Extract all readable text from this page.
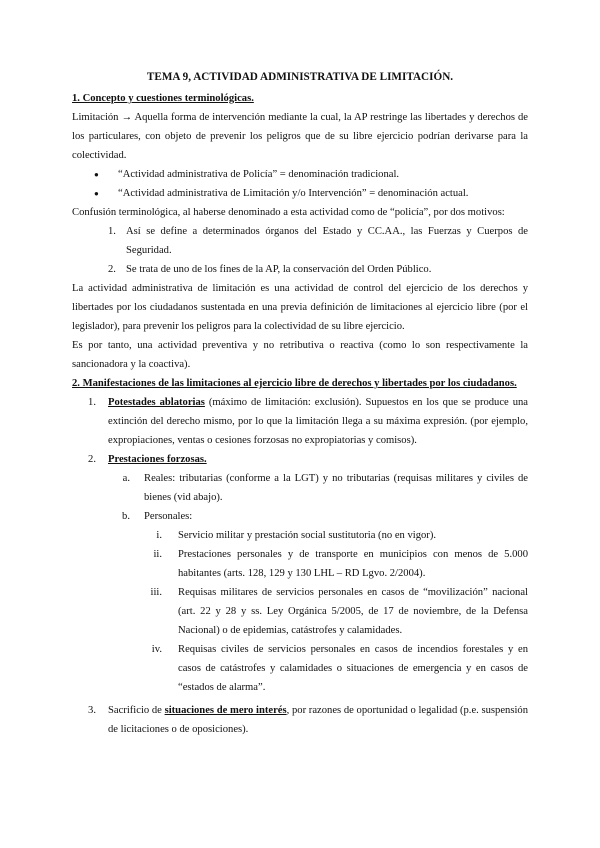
TEMA 9, ACTIVIDAD ADMINISTRATIVA DE LIMITACIÓN.
1. Concepto y cuestiones terminológicas.

Limitación → Aquella forma de intervención mediante la cual, la AP restringe las libertades y derechos de los particulares, con objeto de prevenir los peligros que de su libre ejercicio podrían derivarse para la colectividad.

● “Actividad administrativa de Policía” = denominación tradicional.
● “Actividad administrativa de Limitación y/o Intervención” = denominación actual.

Confusión terminológica, al haberse denominado a esta actividad como de “policía”, por dos motivos:

1. Así se define a determinados órganos del Estado y CC.AA., las Fuerzas y Cuerpos de Seguridad.
2. Se trata de uno de los fines de la AP, la conservación del Orden Público.

La actividad administrativa de limitación es una actividad de control del ejercicio de los derechos y libertades por los ciudadanos sustentada en una previa definición de limitaciones al ejercicio libre (por el legislador), para prevenir los peligros para la colectividad de su libre ejercicio.

Es por tanto, una actividad preventiva y no retributiva o reactiva (como lo son respectivamente la sancionadora y la coactiva).

2. Manifestaciones de las limitaciones al ejercicio libre de derechos y libertades por los ciudadanos.
1.	Potestades ablatorias (máximo de limitación: exclusión). Supuestos en los que se produce una extinción del derecho mismo, por lo que la limitación llega a su máxima expresión. (por ejemplo, expropiaciones, ventas o cesiones forzosas no expropiatorias y comisos).
2.	Prestaciones forzosas.
a.	Reales: tributarias (conforme a la LGT) y no tributarias (requisas militares y civiles de bienes (vid abajo).
b.	Personales:
i.	Servicio militar y prestación social sustitutoria (no en vigor).
ii.	Prestaciones personales y de transporte en municipios con menos de 5.000 habitantes (arts. 128, 129 y 130 LHL – RD Lgvo. 2/2004).
iii.	Requisas militares de servicios personales en casos de “movilización” nacional (art. 22 y 28 y ss. Ley Orgánica 5/2005, de 17 de noviembre, de la Defensa Nacional) o de epidemias, catástrofes y calamidades.
iv.	Requisas civiles de servicios personales en casos de incendios forestales y en casos de catástrofes y calamidades o situaciones de emergencia y en casos de “estados de alarma”.
3.	Sacrificio de situaciones de mero interés, por razones de oportunidad o legalidad (p.e. suspensión de licitaciones o de oposiciones).
